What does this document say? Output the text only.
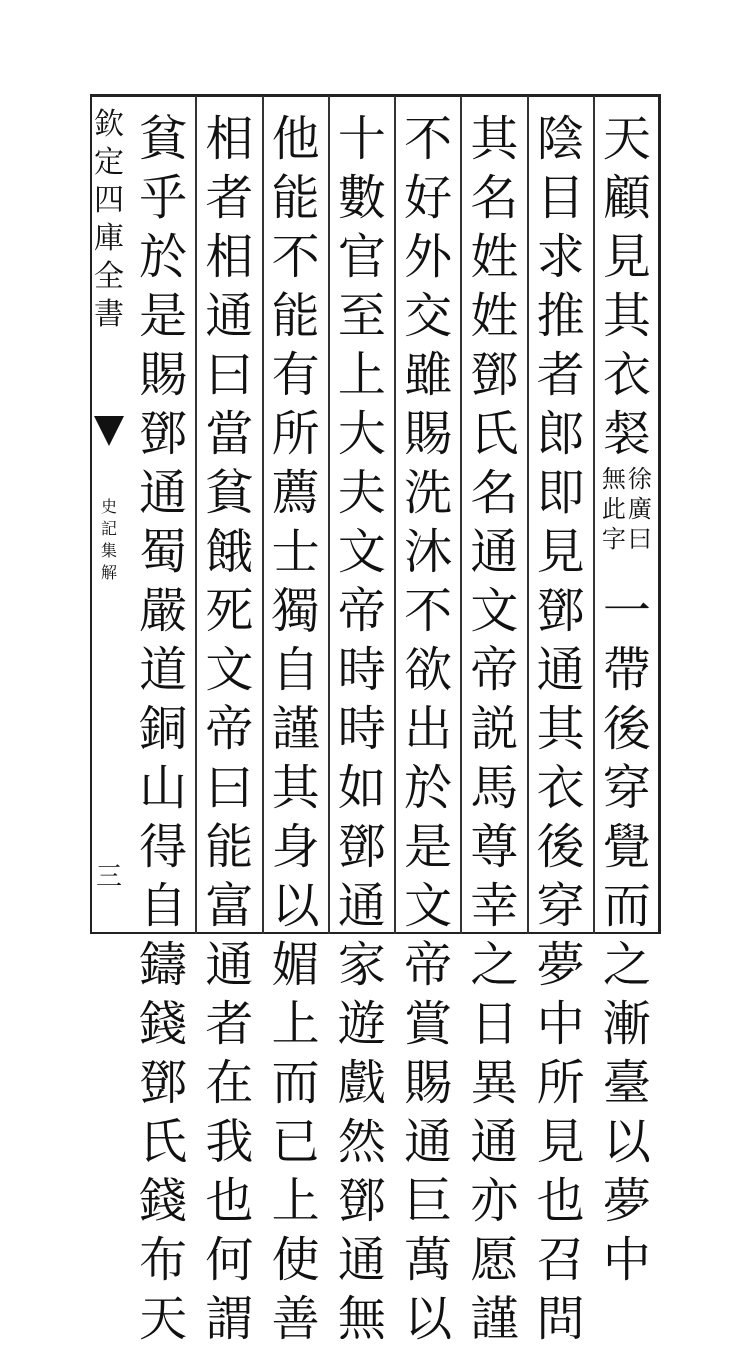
欽
定
四
庫
全
書
史
記
集
解
三
天
顧
見
其
衣
裻
徐
廣
曰
無
此
字
一
帶
後
穿
覺
而
之
漸
臺
以
夢
中
陰
目
求
推
者
郎
即
見
鄧
通
其
衣
後
穿
夢
中
所
見
也
召
問
其
名
姓
姓
鄧
氏
名
通
文
帝
説
馬
尊
幸
之
日
異
通
亦
愿
謹
不
好
外
交
雖
賜
洗
沐
不
欲
出
於
是
文
帝
賞
賜
通
巨
萬
以
十
數
官
至
上
大
夫
文
帝
時
時
如
鄧
通
家
遊
戲
然
鄧
通
無
他
能
不
能
有
所
薦
士
獨
自
謹
其
身
以
媚
上
而
已
上
使
善
相
者
相
通
曰
當
貧
餓
死
文
帝
曰
能
富
通
者
在
我
也
何
謂
貧
乎
於
是
賜
鄧
通
蜀
嚴
道
銅
山
得
自
鑄
錢
鄧
氏
錢
布
天
